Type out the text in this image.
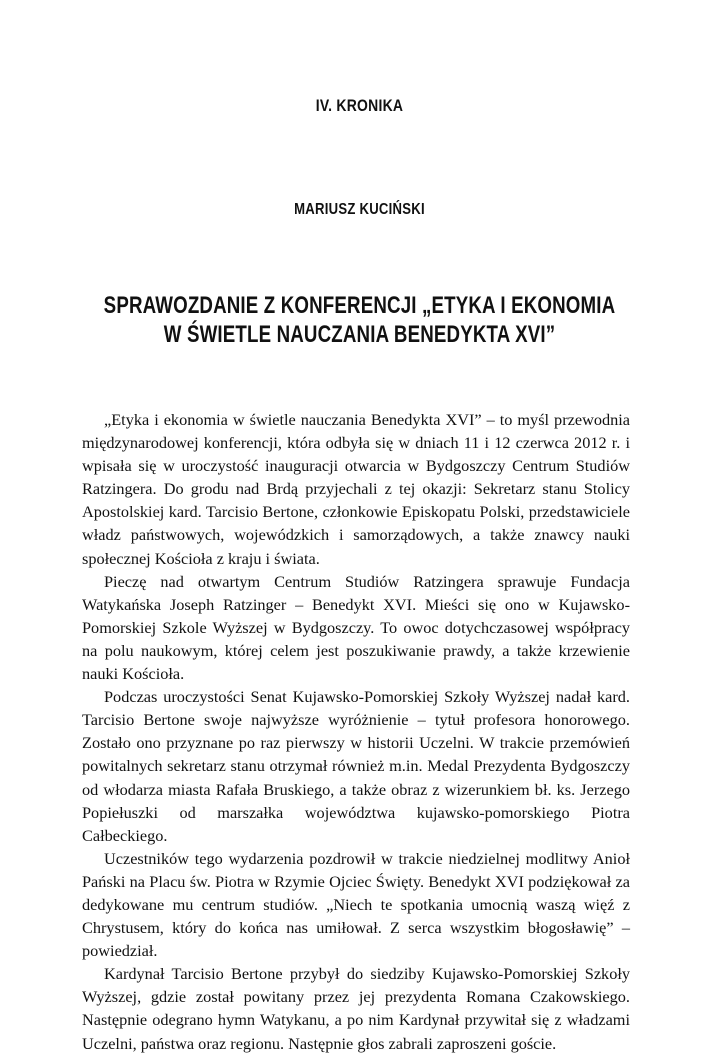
IV. KRONIKA
MARIUSZ KUCIŃSKI
SPRAWOZDANIE Z KONFERENCJI „ETYKA I EKONOMIA
W ŚWIETLE NAUCZANIA BENEDYKTA XVI”

„Etyka i ekonomia w świetle nauczania Benedykta XVI” – to myśl przewodnia międzynarodowej konferencji, która odbyła się w dniach 11 i 12 czerwca 2012 r. i wpisała się w uroczystość inauguracji otwarcia w Bydgoszczy Centrum Studiów Ratzingera. Do grodu nad Brdą przyjechali z tej okazji: Sekretarz stanu Stolicy Apostolskiej kard. Tarcisio Bertone, członkowie Episkopatu Polski, przedstawiciele władz państwowych, wojewódzkich i samorządowych, a także znawcy nauki społecznej Kościoła z kraju i świata.

Pieczę nad otwartym Centrum Studiów Ratzingera sprawuje Fundacja Watykańska Joseph Ratzinger – Benedykt XVI. Mieści się ono w Kujawsko-Pomorskiej Szkole Wyższej w Bydgoszczy. To owoc dotychczasowej współpracy na polu naukowym, której celem jest poszukiwanie prawdy, a także krzewienie nauki Kościoła.

Podczas uroczystości Senat Kujawsko-Pomorskiej Szkoły Wyższej nadał kard. Tarcisio Bertone swoje najwyższe wyróżnienie – tytuł profesora honorowego. Zostało ono przyznane po raz pierwszy w historii Uczelni. W trakcie przemówień powitalnych sekretarz stanu otrzymał również m.in. Medal Prezydenta Bydgoszczy od włodarza miasta Rafała Bruskiego, a także obraz z wizerunkiem bł. ks. Jerzego Popiełuszki od marszałka województwa kujawsko-pomorskiego Piotra Całbeckiego.

Uczestników tego wydarzenia pozdrowił w trakcie niedzielnej modlitwy Anioł Pański na Placu św. Piotra w Rzymie Ojciec Święty. Benedykt XVI podziękował za dedykowane mu centrum studiów. „Niech te spotkania umocnią waszą więź z Chrystusem, który do końca nas umiłował. Z serca wszystkim błogosławię” – powiedział.

Kardynał Tarcisio Bertone przybył do siedziby Kujawsko-Pomorskiej Szkoły Wyższej, gdzie został powitany przez jej prezydenta Romana Czakowskiego. Następnie odegrano hymn Watykanu, a po nim Kardynał przywitał się z władzami Uczelni, państwa oraz regionu. Następnie głos zabrali zaproszeni goście.
